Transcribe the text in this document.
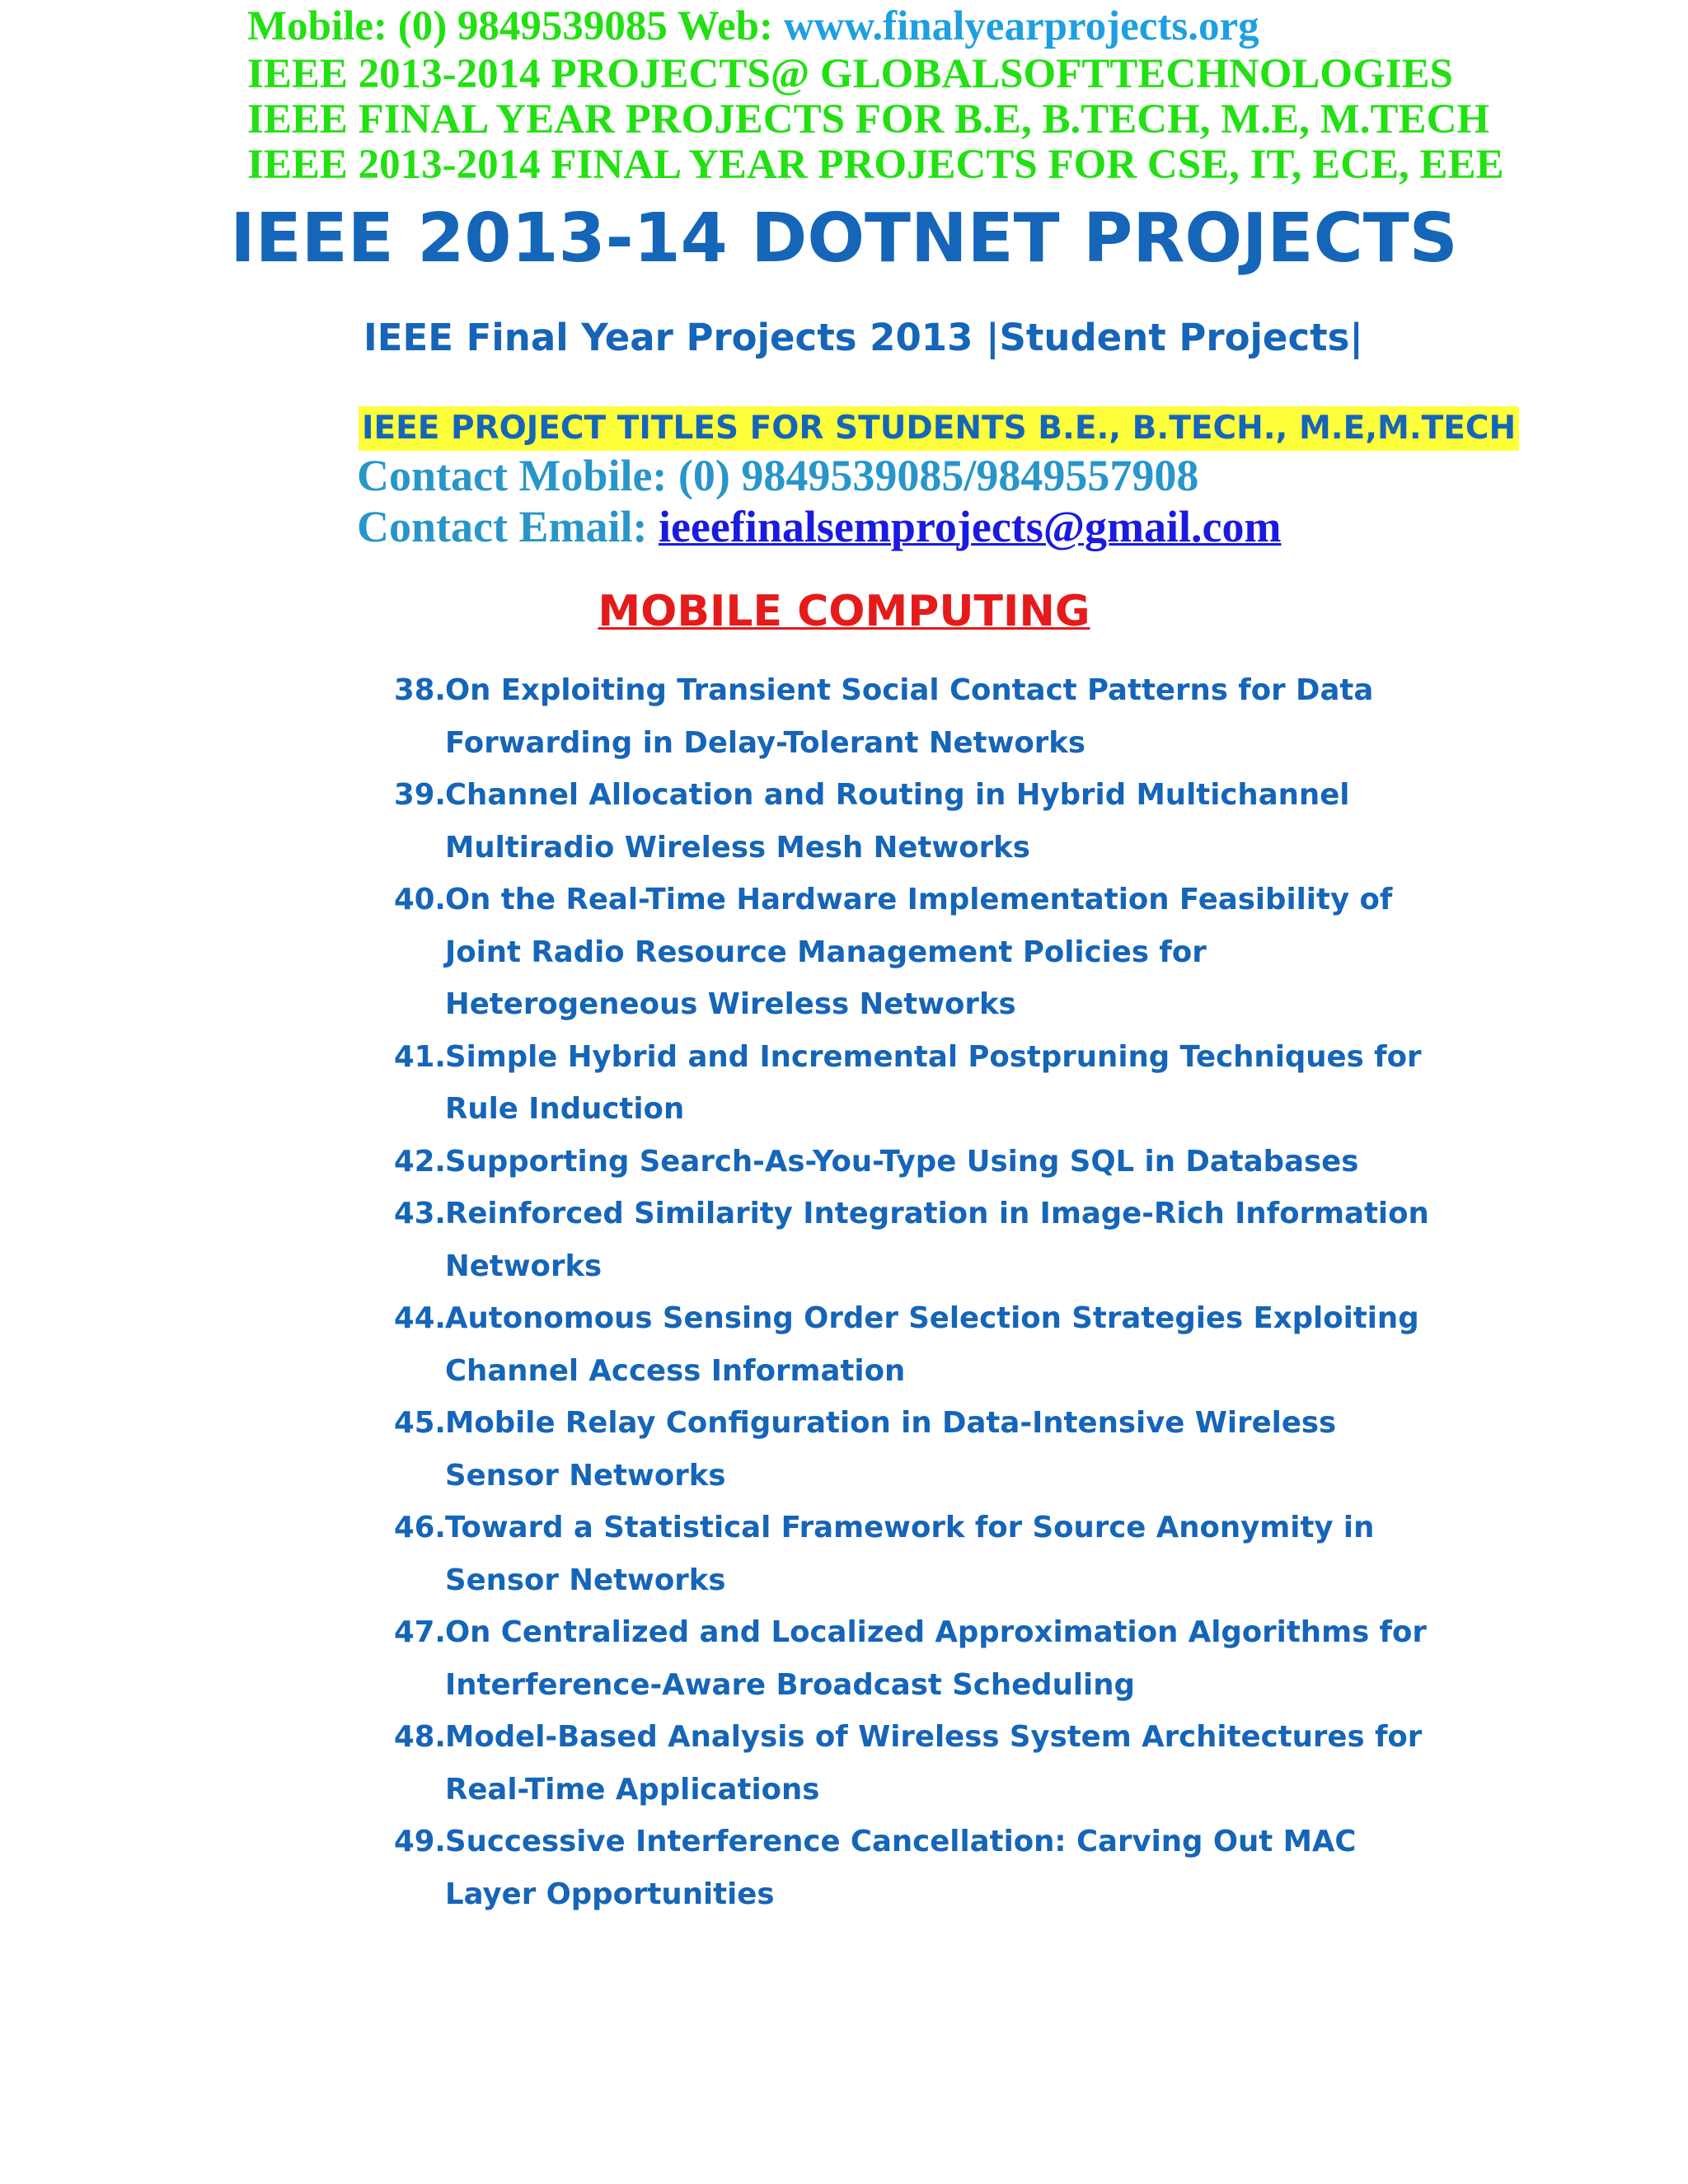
Mobile: (0) 9849539085 Web: www.finalyearprojects.org
IEEE 2013-2014 PROJECTS@ GLOBALSOFTTECHNOLOGIES
IEEE FINAL YEAR PROJECTS FOR B.E, B.TECH, M.E, M.TECH
IEEE 2013-2014 FINAL YEAR PROJECTS FOR CSE, IT, ECE, EEE
IEEE 2013-14 DOTNET PROJECTS
IEEE Final Year Projects 2013 |Student Projects|
IEEE PROJECT TITLES FOR STUDENTS B.E., B.TECH., M.E,M.TECH
Contact Mobile: (0) 9849539085/9849557908
Contact Email: ieeefinalsemprojects@gmail.com
MOBILE COMPUTING
38. On Exploiting Transient Social Contact Patterns for Data Forwarding in Delay-Tolerant Networks
39. Channel Allocation and Routing in Hybrid Multichannel Multiradio Wireless Mesh Networks
40. On the Real-Time Hardware Implementation Feasibility of Joint Radio Resource Management Policies for Heterogeneous Wireless Networks
41. Simple Hybrid and Incremental Postpruning Techniques for Rule Induction
42. Supporting Search-As-You-Type Using SQL in Databases
43. Reinforced Similarity Integration in Image-Rich Information Networks
44. Autonomous Sensing Order Selection Strategies Exploiting Channel Access Information
45. Mobile Relay Configuration in Data-Intensive Wireless Sensor Networks
46. Toward a Statistical Framework for Source Anonymity in Sensor Networks
47. On Centralized and Localized Approximation Algorithms for Interference-Aware Broadcast Scheduling
48. Model-Based Analysis of Wireless System Architectures for Real-Time Applications
49. Successive Interference Cancellation: Carving Out MAC Layer Opportunities
